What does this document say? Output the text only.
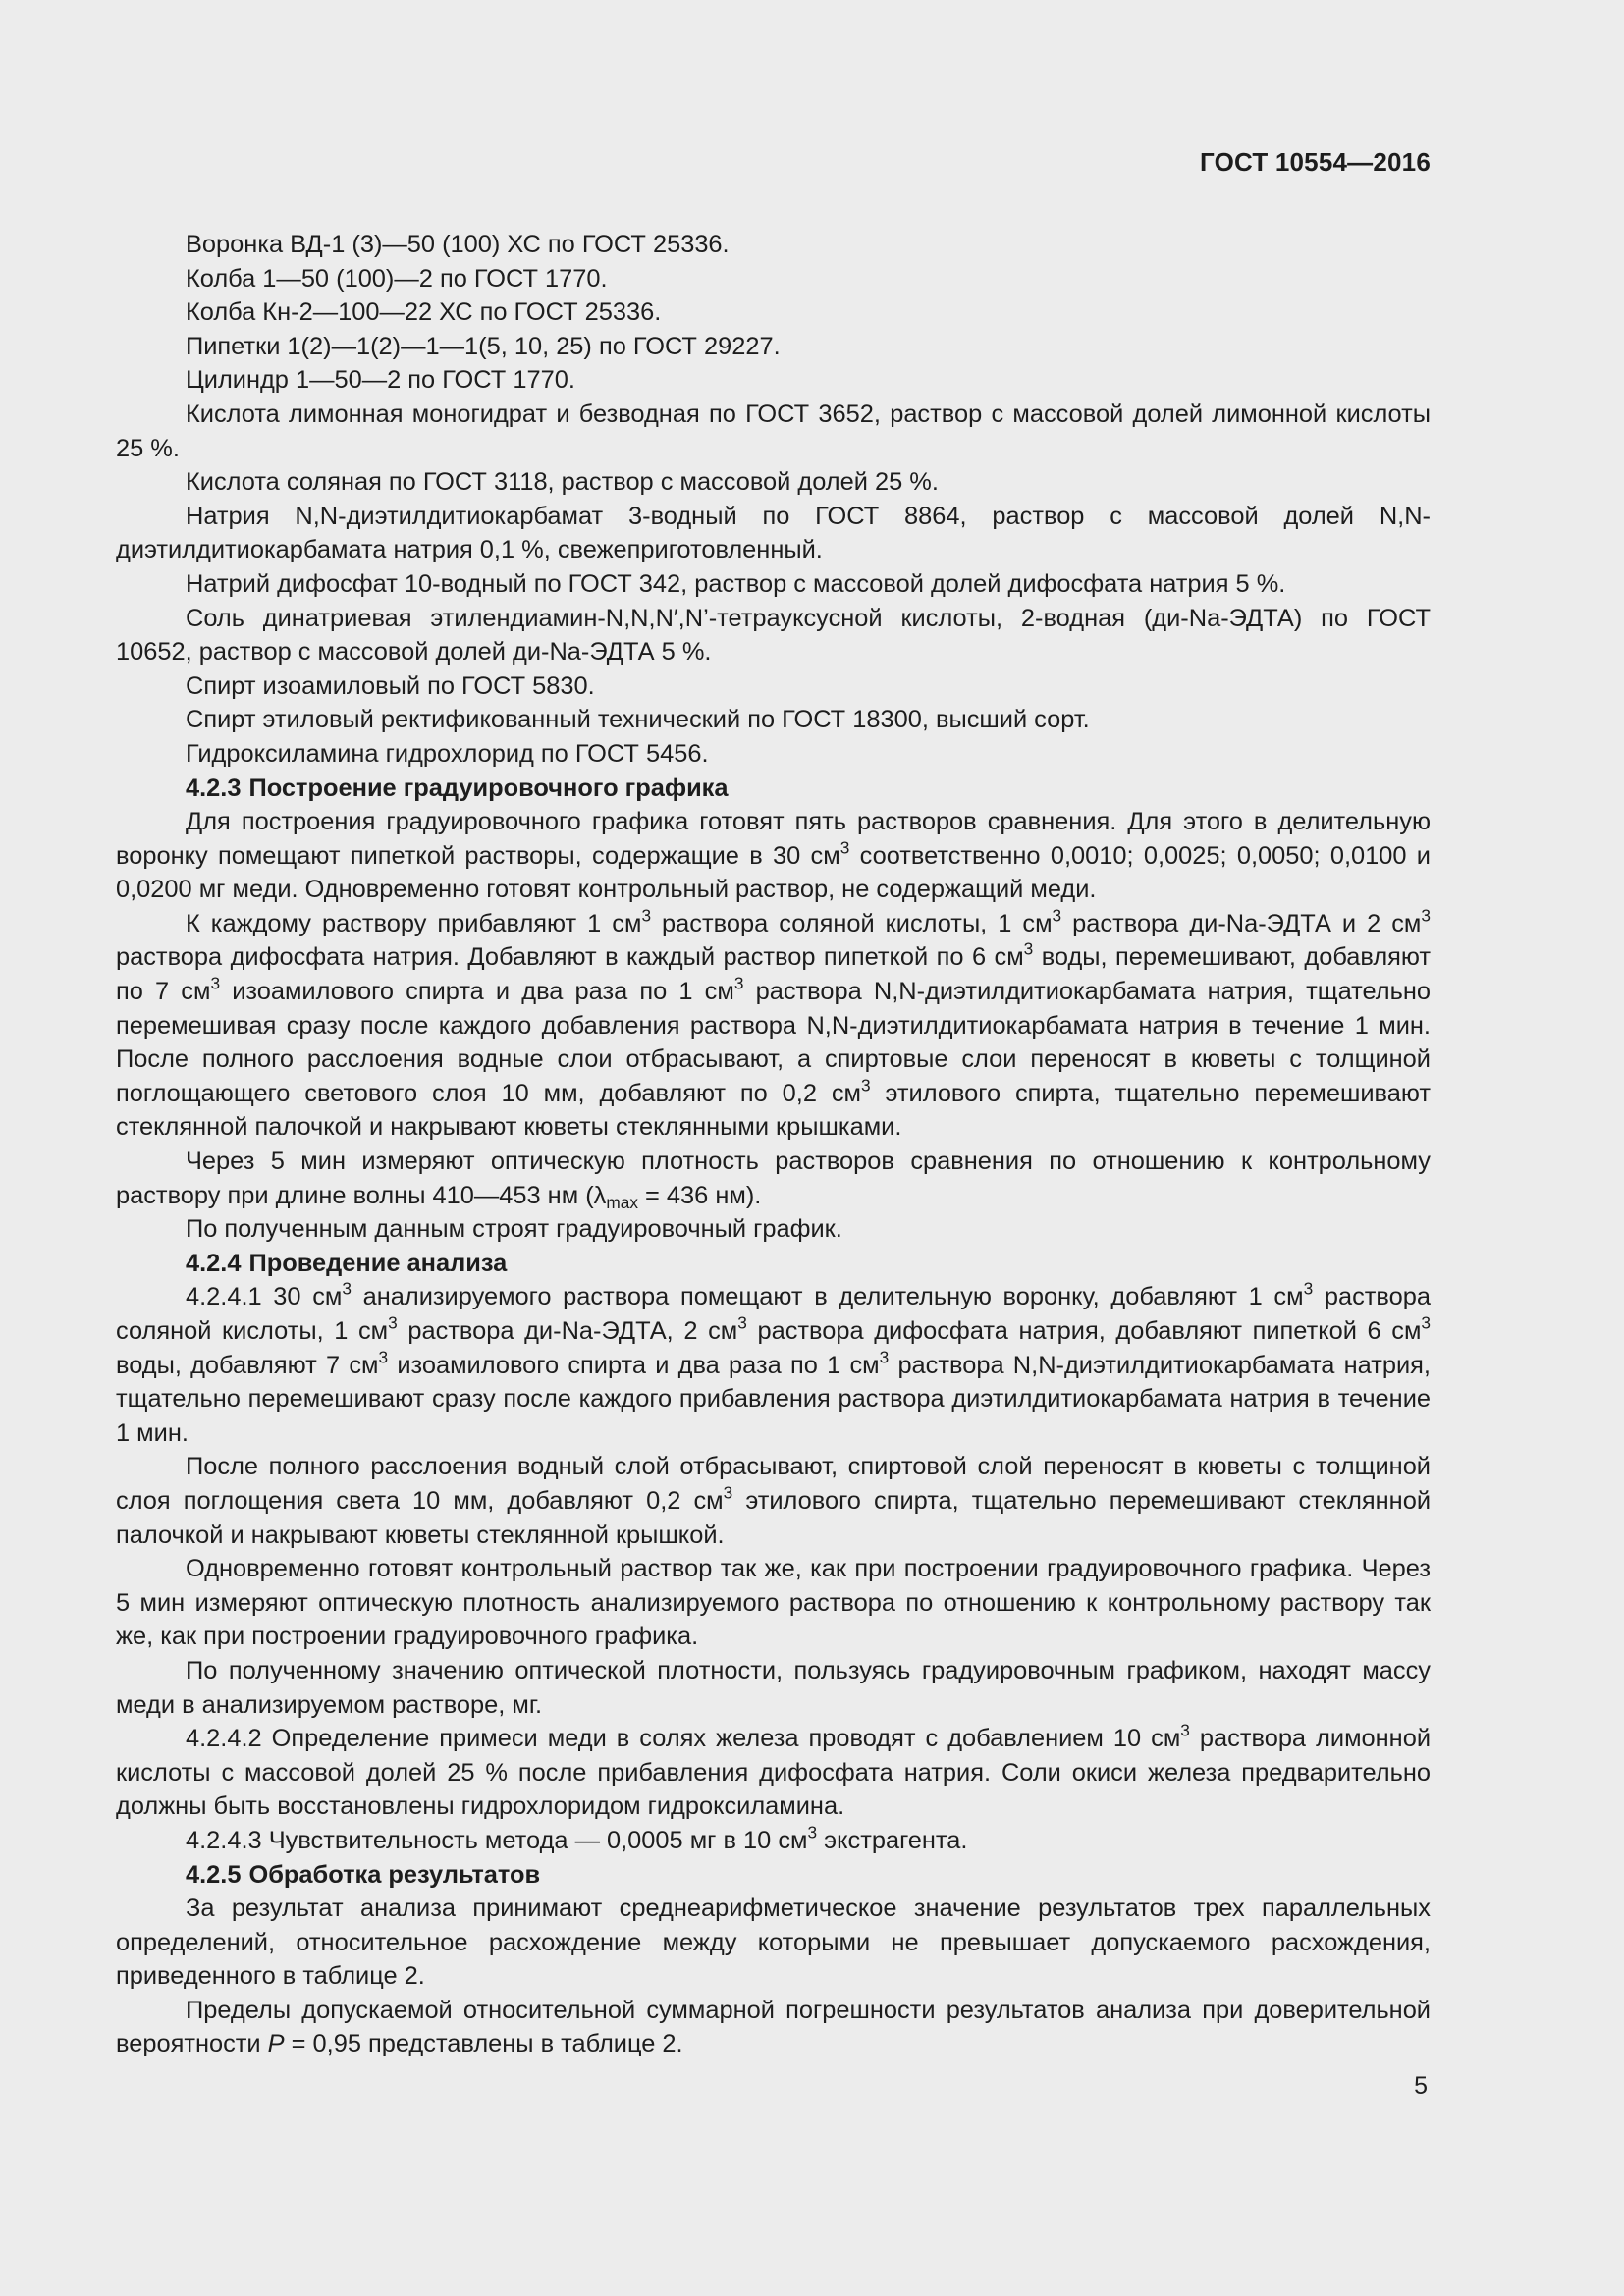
ГОСТ 10554—2016

Воронка ВД-1 (3)—50 (100) ХС по ГОСТ 25336.

Колба 1—50 (100)—2 по ГОСТ 1770.

Колба Кн-2—100—22 ХС по ГОСТ 25336.

Пипетки 1(2)—1(2)—1—1(5, 10, 25) по ГОСТ 29227.

Цилиндр 1—50—2 по ГОСТ 1770.

Кислота лимонная моногидрат и безводная по ГОСТ 3652, раствор с массовой долей лимонной кислоты 25 %.

Кислота соляная по ГОСТ 3118, раствор с массовой долей 25 %.

Натрия N,N-диэтилдитиокарбамат 3-водный по ГОСТ 8864, раствор с массовой долей N,N-диэтилдитиокарбамата натрия 0,1 %, свежеприготовленный.

Натрий дифосфат 10-водный по ГОСТ 342, раствор с массовой долей дифосфата натрия 5 %.

Соль динатриевая этилендиамин-N,N,N′,N’-тетрауксусной кислоты, 2-водная (ди-Na-ЭДТА) по ГОСТ 10652, раствор с массовой долей ди-Na-ЭДТА 5 %.

Спирт изоамиловый по ГОСТ 5830.

Спирт этиловый ректификованный технический по ГОСТ 18300, высший сорт.

Гидроксиламина гидрохлорид по ГОСТ 5456.

4.2.3 Построение градуировочного графика

Для построения градуировочного графика готовят пять растворов сравнения. Для этого в делительную воронку помещают пипеткой растворы, содержащие в 30 $см^3$ соответственно 0,0010; 0,0025; 0,0050; 0,0100 и 0,0200 мг меди. Одновременно готовят контрольный раствор, не содержащий меди.

К каждому раствору прибавляют 1 $см^3$ раствора соляной кислоты, 1 $см^3$ раствора ди-Na-ЭДТА и 2 $см^3$ раствора дифосфата натрия. Добавляют в каждый раствор пипеткой по 6 $см^3$ воды, перемешивают, добавляют по 7 $см^3$ изоамилового спирта и два раза по 1 $см^3$ раствора N,N-диэтилдитиокарбамата натрия, тщательно перемешивая сразу после каждого добавления раствора N,N-диэтилдитиокарбамата натрия в течение 1 мин. После полного расслоения водные слои отбрасывают, а спиртовые слои переносят в кюветы с толщиной поглощающего светового слоя 10 мм, добавляют по 0,2 $см^3$ этилового спирта, тщательно перемешивают стеклянной палочкой и накрывают кюветы стеклянными крышками.

Через 5 мин измеряют оптическую плотность растворов сравнения по отношению к контрольному раствору при длине волны 410—453 нм ($\lambda_{max} = 436$ нм).

По полученным данным строят градуировочный график.

4.2.4 Проведение анализа

4.2.4.1 30 $см^3$ анализируемого раствора помещают в делительную воронку, добавляют 1 $см^3$ раствора соляной кислоты, 1 $см^3$ раствора ди-Na-ЭДТА, 2 $см^3$ раствора дифосфата натрия, добавляют пипеткой 6 $см^3$ воды, добавляют 7 $см^3$ изоамилового спирта и два раза по 1 $см^3$ раствора N,N-диэтилдитиокарбамата натрия, тщательно перемешивают сразу после каждого прибавления раствора диэтилдитиокарбамата натрия в течение 1 мин.

После полного расслоения водный слой отбрасывают, спиртовой слой переносят в кюветы с толщиной слоя поглощения света 10 мм, добавляют 0,2 $см^3$ этилового спирта, тщательно перемешивают стеклянной палочкой и накрывают кюветы стеклянной крышкой.

Одновременно готовят контрольный раствор так же, как при построении градуировочного графика. Через 5 мин измеряют оптическую плотность анализируемого раствора по отношению к контрольному раствору так же, как при построении градуировочного графика.

По полученному значению оптической плотности, пользуясь градуировочным графиком, находят массу меди в анализируемом растворе, мг.

4.2.4.2 Определение примеси меди в солях железа проводят с добавлением 10 $см^3$ раствора лимонной кислоты с массовой долей 25 % после прибавления дифосфата натрия. Соли окиси железа предварительно должны быть восстановлены гидрохлоридом гидроксиламина.

4.2.4.3 Чувствительность метода — 0,0005 мг в 10 $см^3$ экстрагента.

4.2.5 Обработка результатов

За результат анализа принимают среднеарифметическое значение результатов трех параллельных определений, относительное расхождение между которыми не превышает допускаемого расхождения, приведенного в таблице 2.

Пределы допускаемой относительной суммарной погрешности результатов анализа при доверительной вероятности P = 0,95 представлены в таблице 2.

5
